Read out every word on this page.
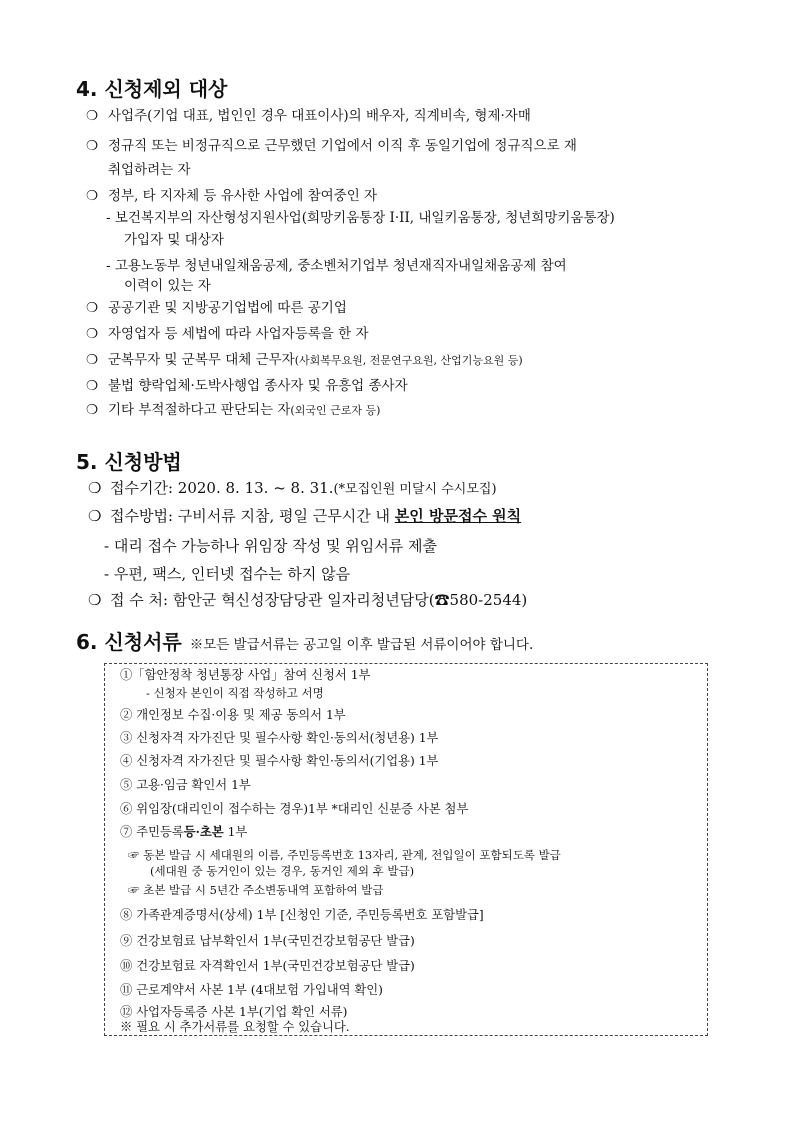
4. 신청제외 대상
❍ 사업주(기업 대표, 법인인 경우 대표이사)의 배우자, 직계비속, 형제·자매
❍ 정규직 또는 비정규직으로 근무했던 기업에서 이직 후 동일기업에 정규직으로 재
취업하려는 자
❍ 정부, 타 지자체 등 유사한 사업에 참여중인 자
- 보건복지부의 자산형성지원사업(희망키움통장 I·II, 내일키움통장, 청년희망키움통장)
가입자 및 대상자
- 고용노동부 청년내일채움공제, 중소벤처기업부 청년재직자내일채움공제 참여
이력이 있는 자
❍ 공공기관 및 지방공기업법에 따른 공기업
❍ 자영업자 등 세법에 따라 사업자등록을 한 자
❍ 군복무자 및 군복무 대체 근무자(사회복무요원, 전문연구요원, 산업기능요원 등)
❍ 불법 향락업체·도박사행업 종사자 및 유흥업 종사자
❍ 기타 부적절하다고 판단되는 자(외국인 근로자 등)
5. 신청방법
❍ 접수기간: 2020. 8. 13. ~ 8. 31.(*모집인원 미달시 수시모집)
❍ 접수방법: 구비서류 지참, 평일 근무시간 내 본인 방문접수 원칙
- 대리 접수 가능하나 위임장 작성 및 위임서류 제출
- 우편, 팩스, 인터넷 접수는 하지 않음
❍ 접 수 처: 함안군 혁신성장담당관 일자리청년담당(☎580-2544)
6. 신청서류 ※모든 발급서류는 공고일 이후 발급된 서류이어야 합니다.
①「함안정착 청년통장 사업」참여 신청서 1부
- 신청자 본인이 직접 작성하고 서명
② 개인정보 수집·이용 및 제공 동의서 1부
③ 신청자격 자가진단 및 필수사항 확인·동의서(청년용) 1부
④ 신청자격 자가진단 및 필수사항 확인·동의서(기업용) 1부
⑤ 고용·임금 확인서 1부
⑥ 위임장(대리인이 접수하는 경우)1부 *대리인 신분증 사본 첨부
⑦ 주민등록등·초본 1부
☞ 동본 발급 시 세대원의 이름, 주민등록번호 13자리, 관계, 전입일이 포함되도록 발급
(세대원 중 동거인이 있는 경우, 동거인 제외 후 발급)
☞ 초본 발급 시 5년간 주소변동내역 포함하여 발급
⑧ 가족관계증명서(상세) 1부 [신청인 기준, 주민등록번호 포함발급]
⑨ 건강보험료 납부확인서 1부(국민건강보험공단 발급)
⑩ 건강보험료 자격확인서 1부(국민건강보험공단 발급)
⑪ 근로계약서 사본 1부 (4대보험 가입내역 확인)
⑫ 사업자등록증 사본 1부(기업 확인 서류)
※ 필요 시 추가서류를 요청할 수 있습니다.
